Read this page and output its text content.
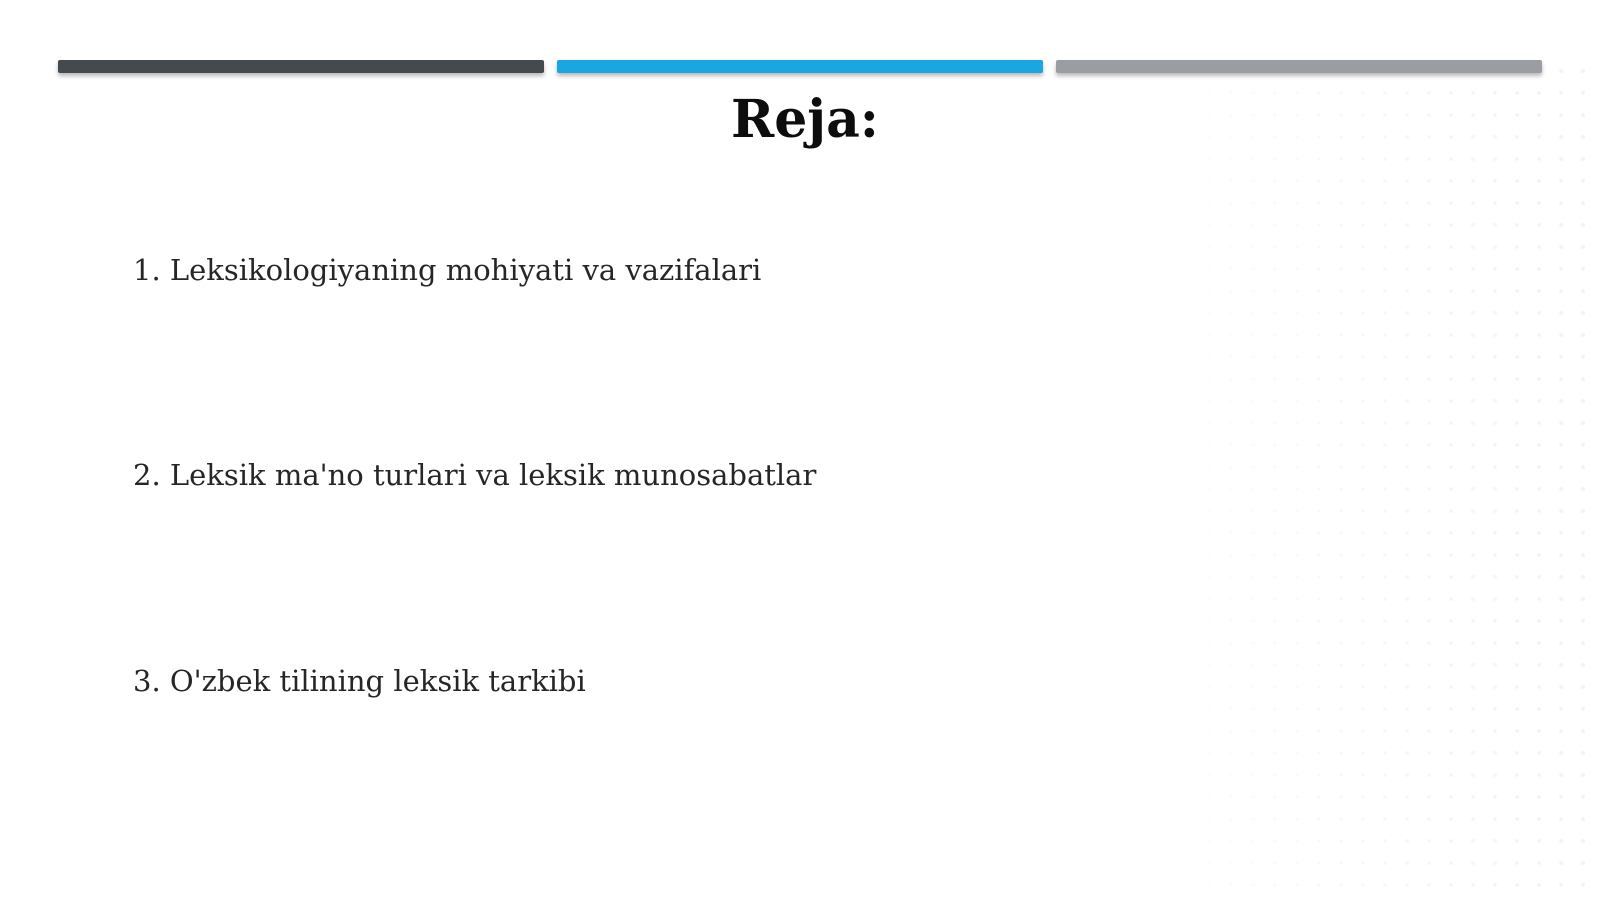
Reja:
1. Leksikologiyaning mohiyati va vazifalari
2. Leksik ma'no turlari va leksik munosabatlar
3. O'zbek tilining leksik tarkibi
